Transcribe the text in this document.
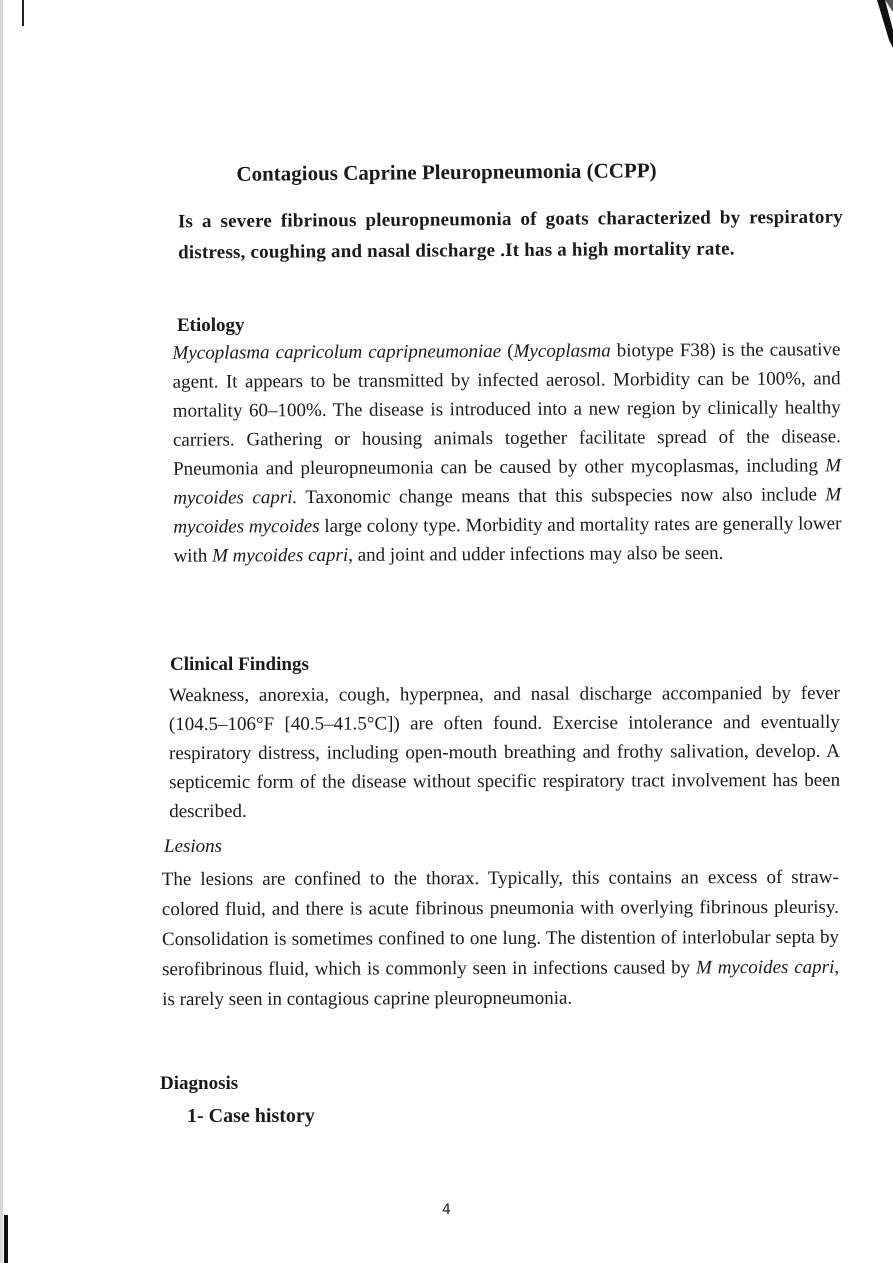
Contagious Caprine Pleuropneumonia (CCPP)
Is a severe fibrinous pleuropneumonia of goats characterized by respiratory distress, coughing and nasal discharge .It has a high mortality rate.
Etiology

Mycoplasma capricolum capripneumoniae (Mycoplasma biotype F38) is the causative agent. It appears to be transmitted by infected aerosol. Morbidity can be 100%, and mortality 60–100%. The disease is introduced into a new region by clinically healthy carriers. Gathering or housing animals together facilitate spread of the disease. Pneumonia and pleuropneumonia can be caused by other mycoplasmas, including M mycoides capri. Taxonomic change means that this subspecies now also include M mycoides mycoides large colony type. Morbidity and mortality rates are generally lower with M mycoides capri, and joint and udder infections may also be seen.

Clinical Findings
Weakness, anorexia, cough, hyperpnea, and nasal discharge accompanied by fever (104.5–106°F [40.5–41.5°C]) are often found. Exercise intolerance and eventually respiratory distress, including open-mouth breathing and frothy salivation, develop. A septicemic form of the disease without specific respiratory tract involvement has been described.
Lesions

The lesions are confined to the thorax. Typically, this contains an excess of straw-colored fluid, and there is acute fibrinous pneumonia with overlying fibrinous pleurisy. Consolidation is sometimes confined to one lung. The distention of interlobular septa by serofibrinous fluid, which is commonly seen in infections caused by M mycoides capri, is rarely seen in contagious caprine pleuropneumonia.

Diagnosis
1- Case history
4
